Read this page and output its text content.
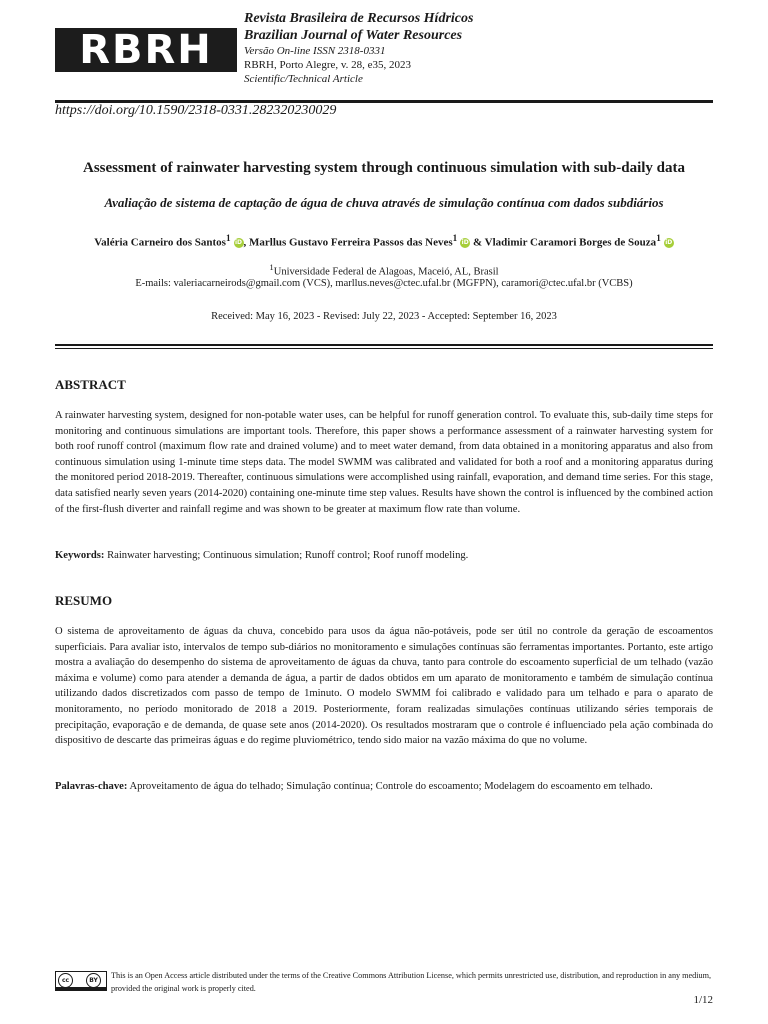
RBRH
Revista Brasileira de Recursos Hídricos
Brazilian Journal of Water Resources
Versão On-line ISSN 2318-0331
RBRH, Porto Alegre, v. 28, e35, 2023
Scientific/Technical Article
https://doi.org/10.1590/2318-0331.282320230029
Assessment of rainwater harvesting system through continuous simulation with sub-daily data
Avaliação de sistema de captação de água de chuva através de simulação contínua com dados subdiários
Valéria Carneiro dos Santos$^1$ iD, Marllus Gustavo Ferreira Passos das Neves$^1$ iD & Vladimir Caramori Borges de Souza$^1$ iD
$^1$Universidade Federal de Alagoas, Maceió, AL, Brasil
E-mails: valeriacarneirods@gmail.com (VCS), marllus.neves@ctec.ufal.br (MGFPN), caramori@ctec.ufal.br (VCBS)
Received: May 16, 2023 - Revised: July 22, 2023 - Accepted: September 16, 2023
ABSTRACT

A rainwater harvesting system, designed for non-potable water uses, can be helpful for runoff generation control. To evaluate this, sub-daily time steps for monitoring and continuous simulations are important tools. Therefore, this paper shows a performance assessment of a rainwater harvesting system for both roof runoff control (maximum flow rate and drained volume) and to meet water demand, from data obtained in a monitoring apparatus and also from continuous simulation using 1-minute time steps data. The model SWMM was calibrated and validated for both a roof and a monitoring apparatus during the monitored period 2018-2019. Thereafter, continuous simulations were accomplished using rainfall, evaporation, and demand time series. For this stage, data satisfied nearly seven years (2014-2020) containing one-minute time step values. Results have shown the control is influenced by the combined action of the first-flush diverter and rainfall regime and was shown to be greater at maximum flow rate than volume.

Keywords: Rainwater harvesting; Continuous simulation; Runoff control; Roof runoff modeling.
RESUMO

O sistema de aproveitamento de águas da chuva, concebido para usos da água não-potáveis, pode ser útil no controle da geração de escoamentos superficiais. Para avaliar isto, intervalos de tempo sub-diários no monitoramento e simulações contínuas são ferramentas importantes. Portanto, este artigo mostra a avaliação do desempenho do sistema de aproveitamento de águas da chuva, tanto para controle do escoamento superficial de um telhado (vazão máxima e volume) como para atender a demanda de água, a partir de dados obtidos em um aparato de monitoramento e também de simulação contínua utilizando dados discretizados com passo de tempo de 1minuto. O modelo SWMM foi calibrado e validado para um telhado e para o aparato de monitoramento, no período monitorado de 2018 a 2019. Posteriormente, foram realizadas simulações contínuas utilizando séries temporais de precipitação, evaporação e de demanda, de quase sete anos (2014-2020). Os resultados mostraram que o controle é influenciado pela ação combinada do dispositivo de descarte das primeiras águas e do regime pluviométrico, tendo sido maior na vazão máxima do que no volume.

Palavras-chave: Aproveitamento de água do telhado; Simulação contínua; Controle do escoamento; Modelagem do escoamento em telhado.
cc	BY
This is an Open Access article distributed under the terms of the Creative Commons Attribution License, which permits unrestricted use, distribution, and reproduction in any medium, provided the original work is properly cited.
1/12
